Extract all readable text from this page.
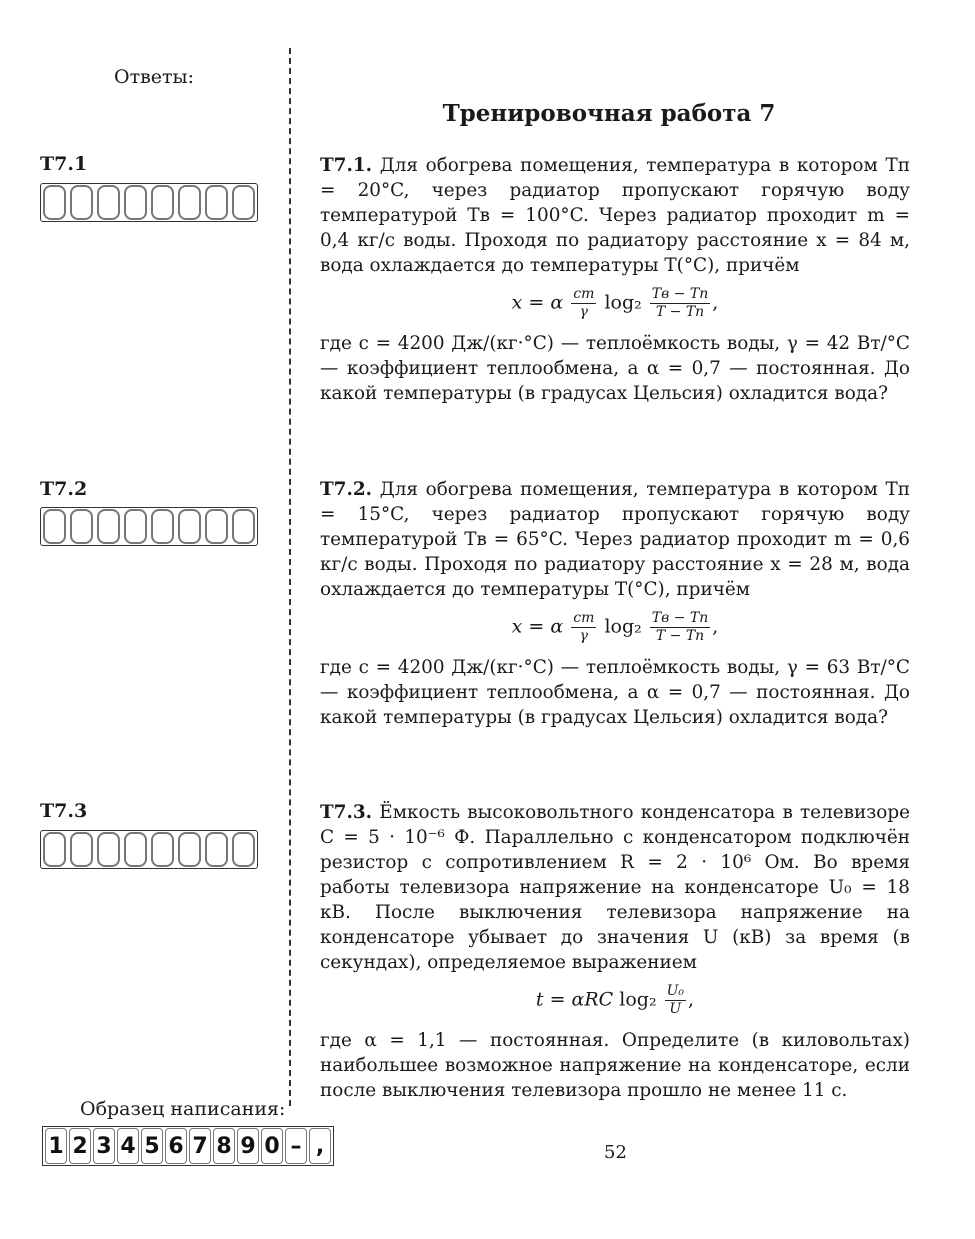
Ответы:
Т7.1
Т7.2
Т7.3
Тренировочная работа 7

Т7.1. Для обогрева помещения, температура в котором Tп = 20°C, через радиатор пропускают горячую воду температурой Tв = 100°C. Через радиатор проходит m = 0,4 кг/с воды. Проходя по радиатору расстояние x = 84 м, вода охлаждается до температуры T(°C), причём

x = α $\frac{cm}{\gamma} \log_2 \frac{Tв - Tп}{T - Tп}$ ,

где c = 4200 Дж/(кг·°C) — теплоёмкость воды, γ = 42 Вт/°C — коэффициент теплообмена, а α = 0,7 — постоянная. До какой температуры (в градусах Цельсия) охладится вода?

Т7.2. Для обогрева помещения, температура в котором Tп = 15°C, через радиатор пропускают горячую воду температурой Tв = 65°C. Через радиатор проходит m = 0,6 кг/с воды. Проходя по радиатору расстояние x = 28 м, вода охлаждается до температуры T(°C), причём

x = α $\frac{cm}{\gamma} \log_2 \frac{Tв - Tп}{T - Tп}$ ,

где c = 4200 Дж/(кг·°C) — теплоёмкость воды, γ = 63 Вт/°C — коэффициент теплообмена, а α = 0,7 — постоянная. До какой температуры (в градусах Цельсия) охладится вода?

Т7.3. Ёмкость высоковольтного конденсатора в телевизоре C = 5 · 10⁻⁶ Ф. Параллельно с конденсатором подключён резистор с сопротивлением R = 2 · 10⁶ Ом. Во время работы телевизора напряжение на конденсаторе U₀ = 18 кВ. После выключения телевизора напряжение на конденсаторе убывает до значения U (кВ) за время (в секундах), определяемое выражением

t = αRC $\log_2 \frac{\text{U₀}}{U}$ ,

где α = 1,1 — постоянная. Определите (в киловольтах) наибольшее возможное напряжение на конденсаторе, если после выключения телевизора прошло не менее 11 с.

Образец написания:
1 2 3 4 5 6 7 8 9 0 – ,	52
